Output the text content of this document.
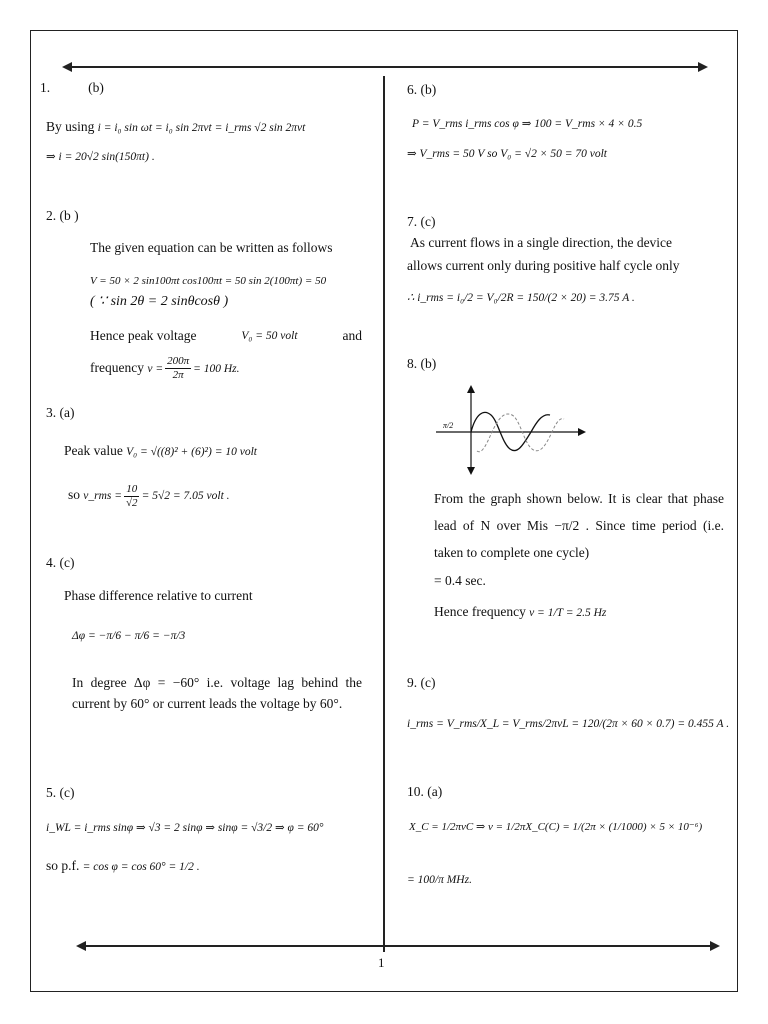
1
1.	(b)
By using i = i₀ sin ωt = i₀ sin 2πνt = i_rms √2 sin 2πνt
⇒ i = 20√2 sin(150πt) .
2. (b )
The given equation can be written as follows
V = 50 × 2 sin100πt cos100πt = 50 sin 2(100πt) = 50
( ∵ sin 2θ = 2 sinθcosθ )
Hence peak voltage	V₀ = 50 volt	and
frequency $\nu = \frac{200\pi}{2\pi} = 100$ Hz.
3. (a)
Peak value V₀ = √((8)² + (6)²) = 10 volt
so v_rms = $\frac{10}{√2} = 5√2 = 7.05$ volt .
4. (c)
Phase difference relative to current
Δφ = −π/6 − π/6 = −π/3
In degree Δφ = −60° i.e. voltage lag behind the current by 60° or current leads the voltage by 60°.
5. (c)
i_WL = i_rms sinφ ⇒ √3 = 2 sinφ ⇒ sinφ = √3/2 ⇒ φ = 60°
so p.f. = cos φ = cos 60° = 1/2 .
6. (b)
P = V_rms i_rms cos φ ⇒ 100 = V_rms × 4 × 0.5
⇒ V_rms = 50 V so V₀ = √2 × 50 = 70 volt
7. (c)
As current flows in a single direction, the device
allows current only during positive half cycle only
∴ i_rms = i₀/2 = V₀/2R = 150/(2 × 20) = 3.75 A .
8. (b)
π/2
From the graph shown below. It is clear that phase lead of N over Mis −π/2 . Since time period (i.e. taken to complete one cycle)
= 0.4 sec.
Hence frequency ν = 1/T = 2.5 Hz
9. (c)
i_rms = V_rms/X_L = V_rms/2πνL = 120/(2π × 60 × 0.7) = 0.455 A .
10. (a)
X_C = 1/2πνC ⇒ ν = 1/2πX_C(C) = 1/(2π × (1/1000) × 5 × 10⁻⁶)
= 100/π MHz.
